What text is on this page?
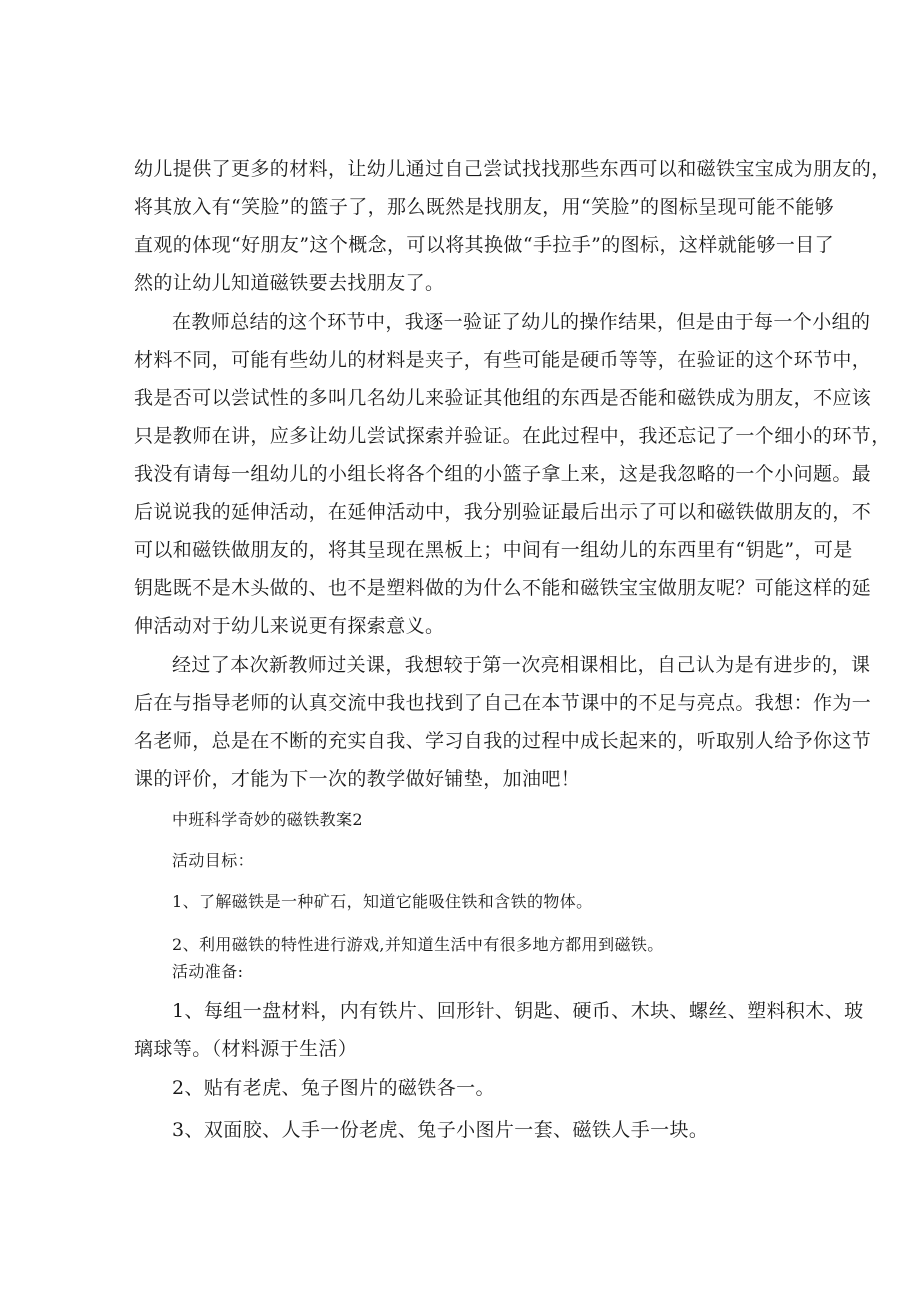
幼儿提供了更多的材料，让幼儿通过自己尝试找找那些东西可以和磁铁宝宝成为朋友的，
将其放入有“笑脸”的篮子了，那么既然是找朋友，用“笑脸”的图标呈现可能不能够
直观的体现“好朋友”这个概念，可以将其换做“手拉手”的图标，这样就能够一目了
然的让幼儿知道磁铁要去找朋友了。
在教师总结的这个环节中，我逐一验证了幼儿的操作结果，但是由于每一个小组的
材料不同，可能有些幼儿的材料是夹子，有些可能是硬币等等，在验证的这个环节中，
我是否可以尝试性的多叫几名幼儿来验证其他组的东西是否能和磁铁成为朋友，不应该
只是教师在讲，应多让幼儿尝试探索并验证。在此过程中，我还忘记了一个细小的环节，
我没有请每一组幼儿的小组长将各个组的小篮子拿上来，这是我忽略的一个小问题。最
后说说我的延伸活动，在延伸活动中，我分别验证最后出示了可以和磁铁做朋友的，不
可以和磁铁做朋友的，将其呈现在黑板上；中间有一组幼儿的东西里有“钥匙”，可是
钥匙既不是木头做的、也不是塑料做的为什么不能和磁铁宝宝做朋友呢？可能这样的延
伸活动对于幼儿来说更有探索意义。
经过了本次新教师过关课，我想较于第一次亮相课相比，自己认为是有进步的，课
后在与指导老师的认真交流中我也找到了自己在本节课中的不足与亮点。我想：作为一
名老师，总是在不断的充实自我、学习自我的过程中成长起来的，听取别人给予你这节
课的评价，才能为下一次的教学做好铺垫，加油吧！
中班科学奇妙的磁铁教案2
活动目标：
1、了解磁铁是一种矿石，知道它能吸住铁和含铁的物体。
2、利用磁铁的特性进行游戏,并知道生活中有很多地方都用到磁铁。
活动准备:
1、每组一盘材料，内有铁片、回形针、钥匙、硬币、木块、螺丝、塑料积木、玻
璃球等。（材料源于生活）
2、贴有老虎、兔子图片的磁铁各一。
3、双面胶、人手一份老虎、兔子小图片一套、磁铁人手一块。
